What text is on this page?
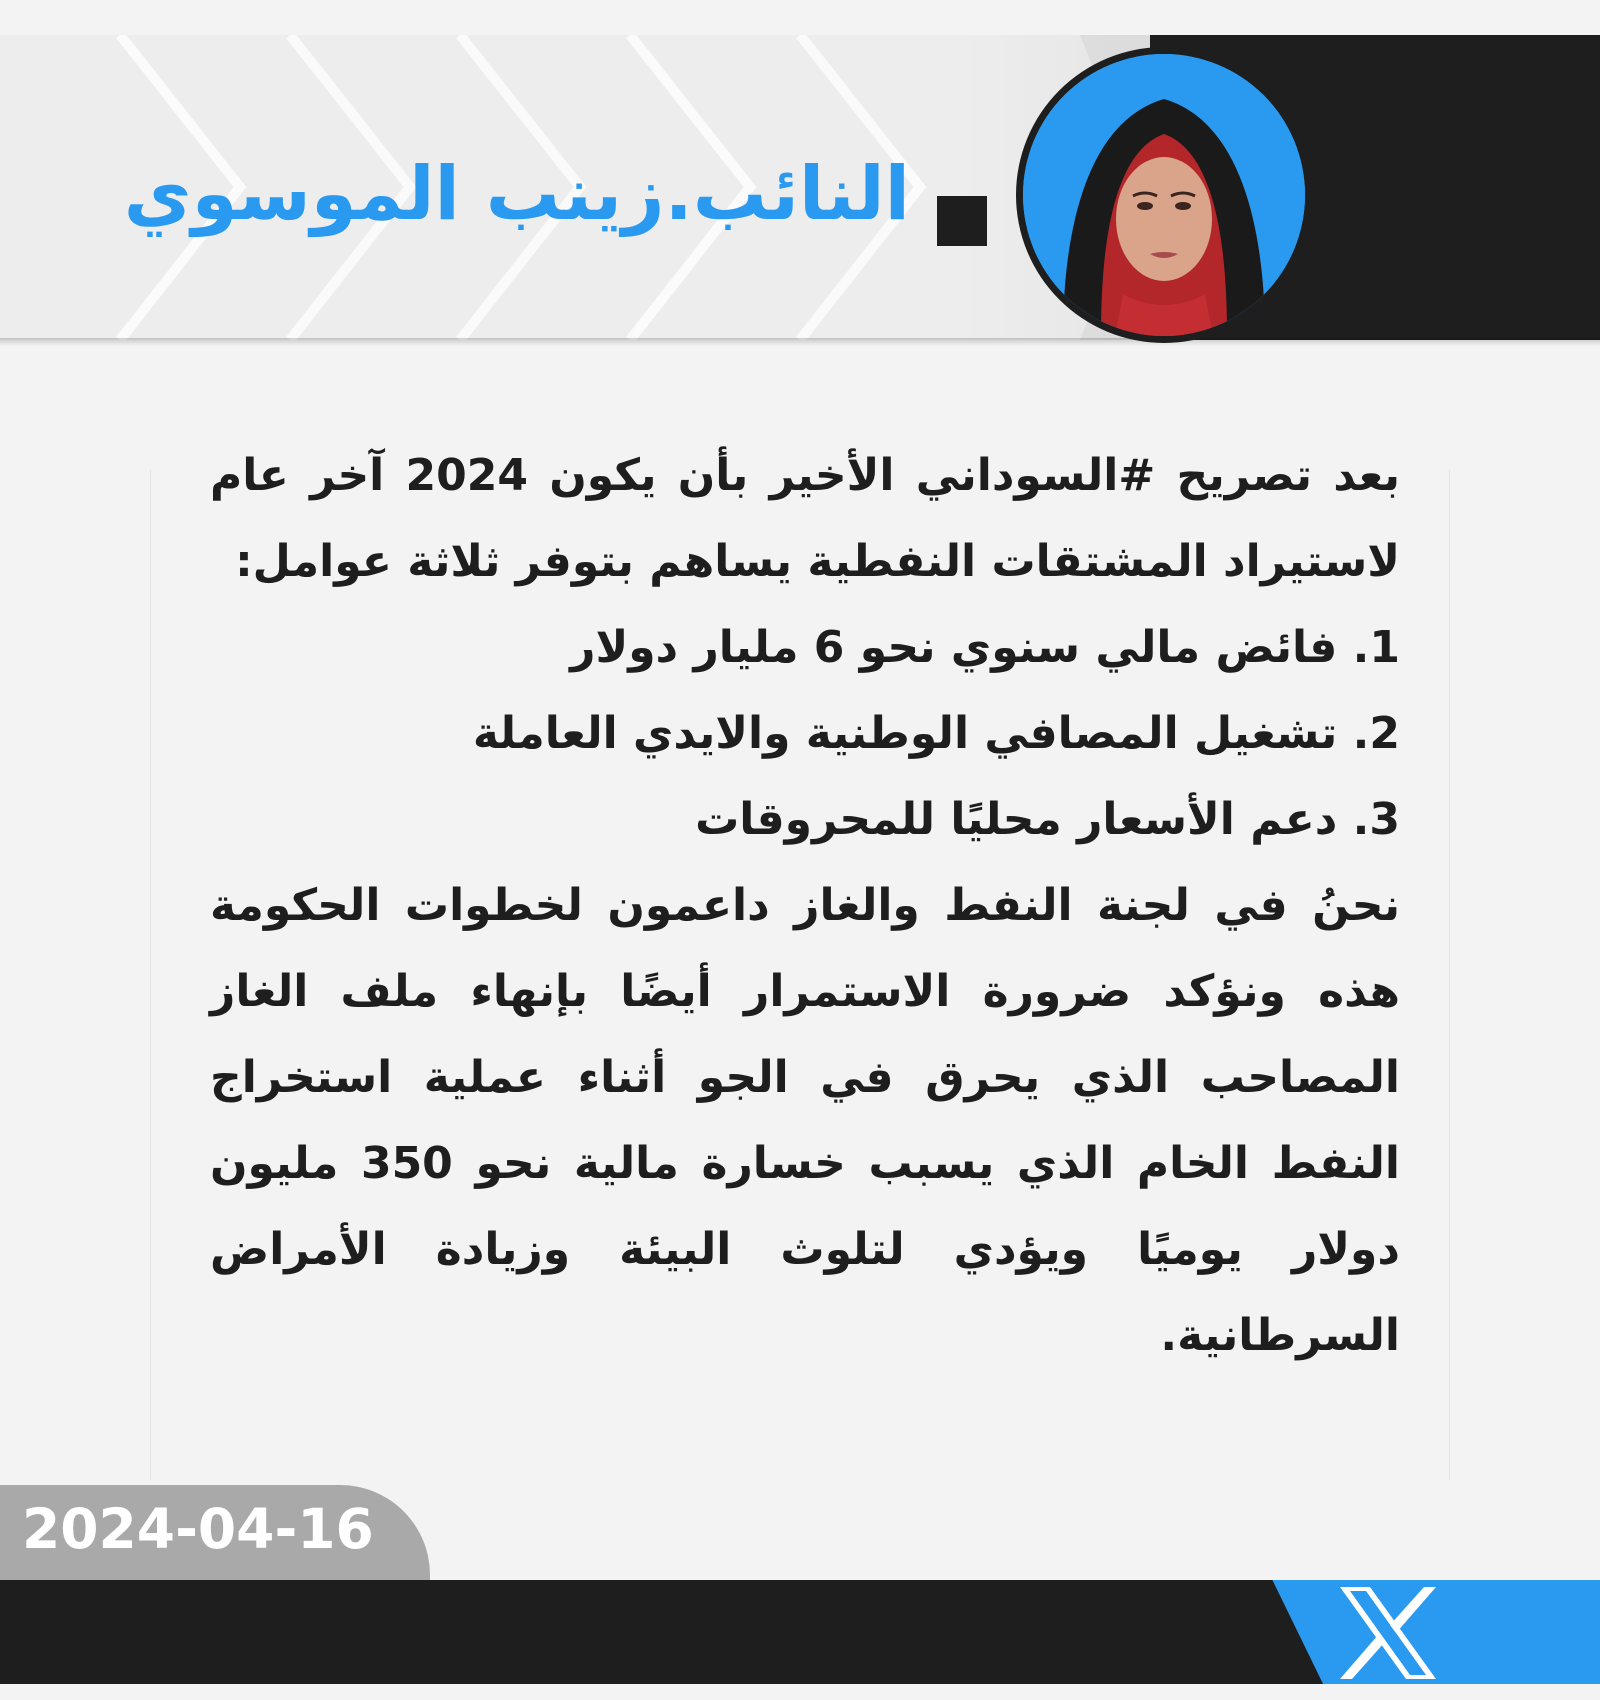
النائب.زينب الموسوي

بعد تصريح #السوداني الأخير بأن يكون 2024 آخر عام لاستيراد المشتقات النفطية يساهم بتوفر ثلاثة عوامل:

1. فائض مالي سنوي نحو 6 مليار دولار

2. تشغيل المصافي الوطنية والايدي العاملة

3. دعم الأسعار محليًا للمحروقات

نحنُ في لجنة النفط والغاز داعمون لخطوات الحكومة هذه ونؤكد ضرورة الاستمرار أيضًا بإنهاء ملف الغاز المصاحب الذي يحرق في الجو أثناء عملية استخراج النفط الخام الذي يسبب خسارة مالية نحو 350 مليون دولار يوميًا ويؤدي لتلوث البيئة وزيادة الأمراض السرطانية.

2024-04-16
